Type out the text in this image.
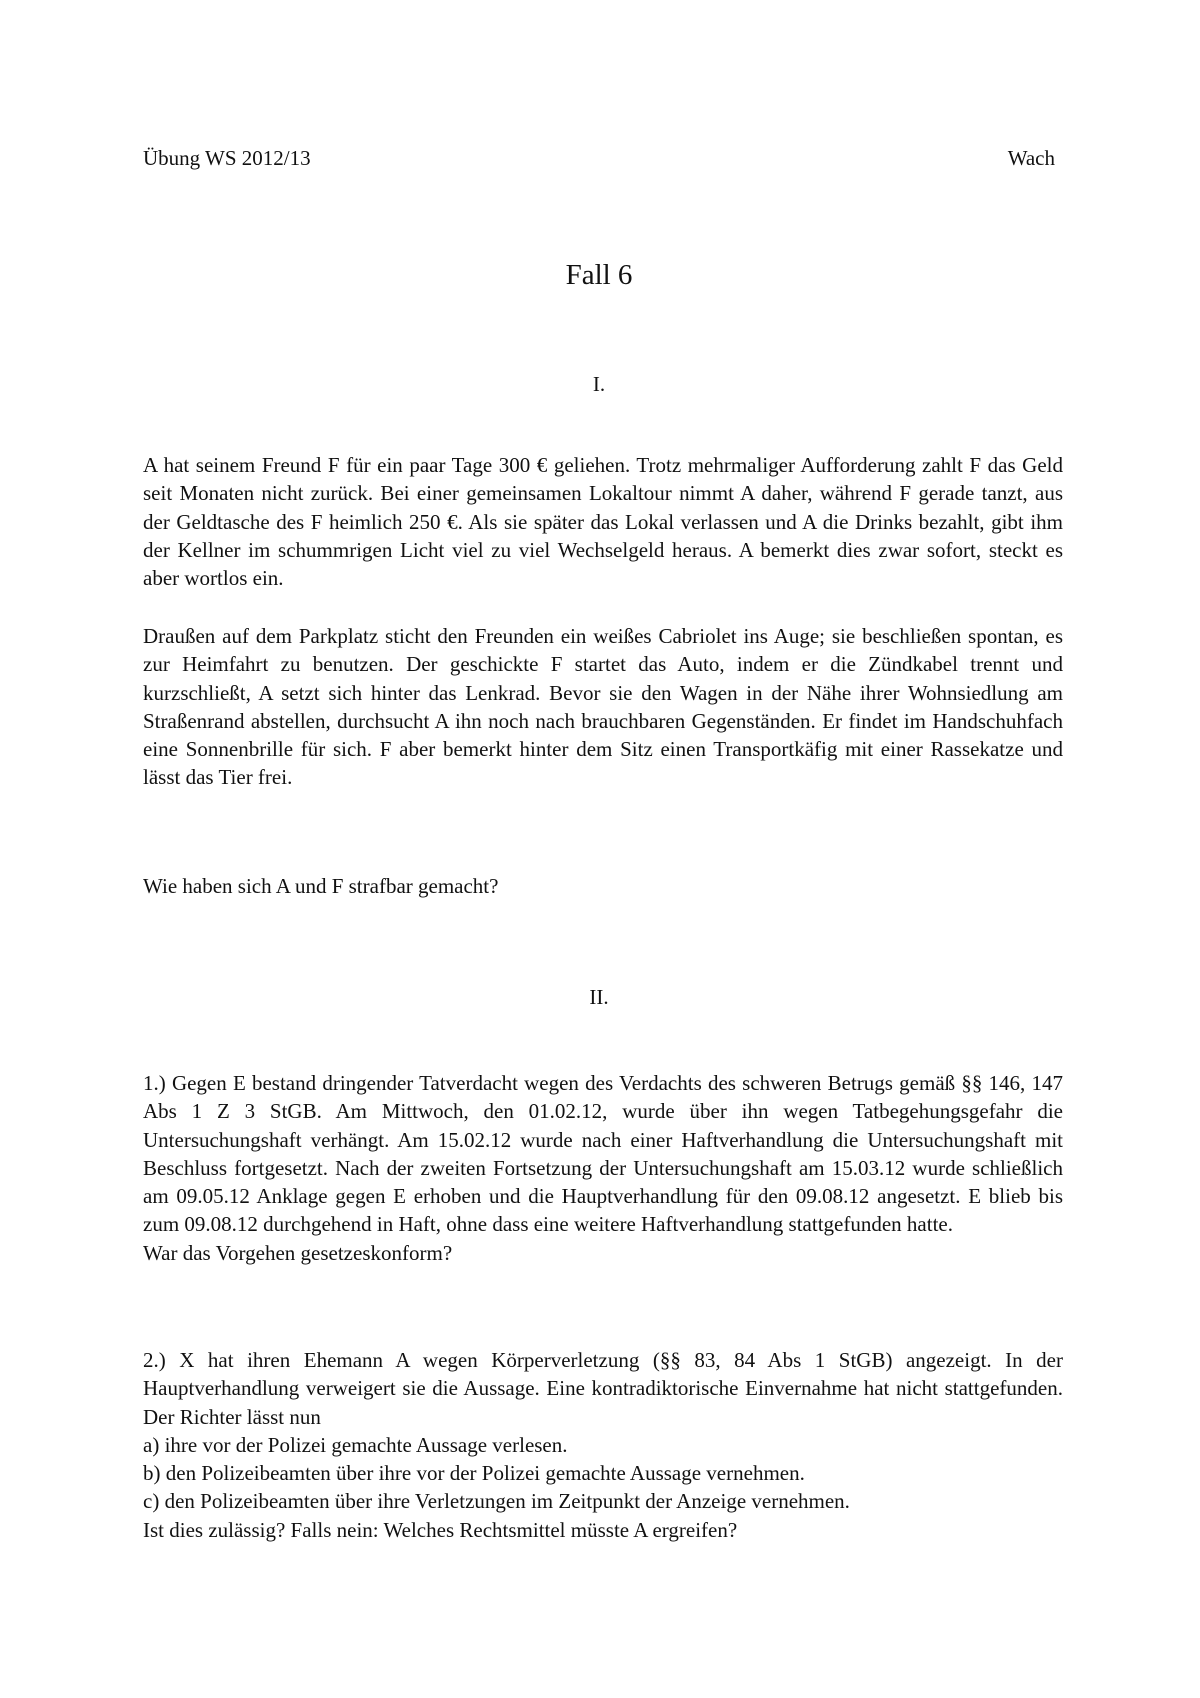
Übung WS 2012/13	Wach
Fall 6
I.

A hat seinem Freund F für ein paar Tage 300 € geliehen. Trotz mehrmaliger Aufforderung zahlt F das Geld seit Monaten nicht zurück. Bei einer gemeinsamen Lokaltour nimmt A daher, während F gerade tanzt, aus der Geldtasche des F heimlich 250 €. Als sie später das Lokal verlassen und A die Drinks bezahlt, gibt ihm der Kellner im schummrigen Licht viel zu viel Wechselgeld heraus. A bemerkt dies zwar sofort, steckt es aber wortlos ein.

Draußen auf dem Parkplatz sticht den Freunden ein weißes Cabriolet ins Auge; sie beschließen spontan, es zur Heimfahrt zu benutzen. Der geschickte F startet das Auto, indem er die Zündkabel trennt und kurzschließt, A setzt sich hinter das Lenkrad. Bevor sie den Wagen in der Nähe ihrer Wohnsiedlung am Straßenrand abstellen, durchsucht A ihn noch nach brauchbaren Gegenständen. Er findet im Handschuhfach eine Sonnenbrille für sich. F aber bemerkt hinter dem Sitz einen Transportkäfig mit einer Rassekatze und lässt das Tier frei.

Wie haben sich A und F strafbar gemacht?

II.

1.) Gegen E bestand dringender Tatverdacht wegen des Verdachts des schweren Betrugs gemäß §§ 146, 147 Abs 1 Z 3 StGB. Am Mittwoch, den 01.02.12, wurde über ihn wegen Tatbegehungsgefahr die Untersuchungshaft verhängt. Am 15.02.12 wurde nach einer Haftverhandlung die Untersuchungshaft mit Beschluss fortgesetzt. Nach der zweiten Fortsetzung der Untersuchungshaft am 15.03.12 wurde schließlich am 09.05.12 Anklage gegen E erhoben und die Hauptverhandlung für den 09.08.12 angesetzt. E blieb bis zum 09.08.12 durchgehend in Haft, ohne dass eine weitere Haftverhandlung stattgefunden hatte.

War das Vorgehen gesetzeskonform?

2.) X hat ihren Ehemann A wegen Körperverletzung (§§ 83, 84 Abs 1 StGB) angezeigt. In der Hauptverhandlung verweigert sie die Aussage. Eine kontradiktorische Einvernahme hat nicht stattgefunden. Der Richter lässt nun

a) ihre vor der Polizei gemachte Aussage verlesen.

b) den Polizeibeamten über ihre vor der Polizei gemachte Aussage vernehmen.

c) den Polizeibeamten über ihre Verletzungen im Zeitpunkt der Anzeige vernehmen.

Ist dies zulässig? Falls nein: Welches Rechtsmittel müsste A ergreifen?
